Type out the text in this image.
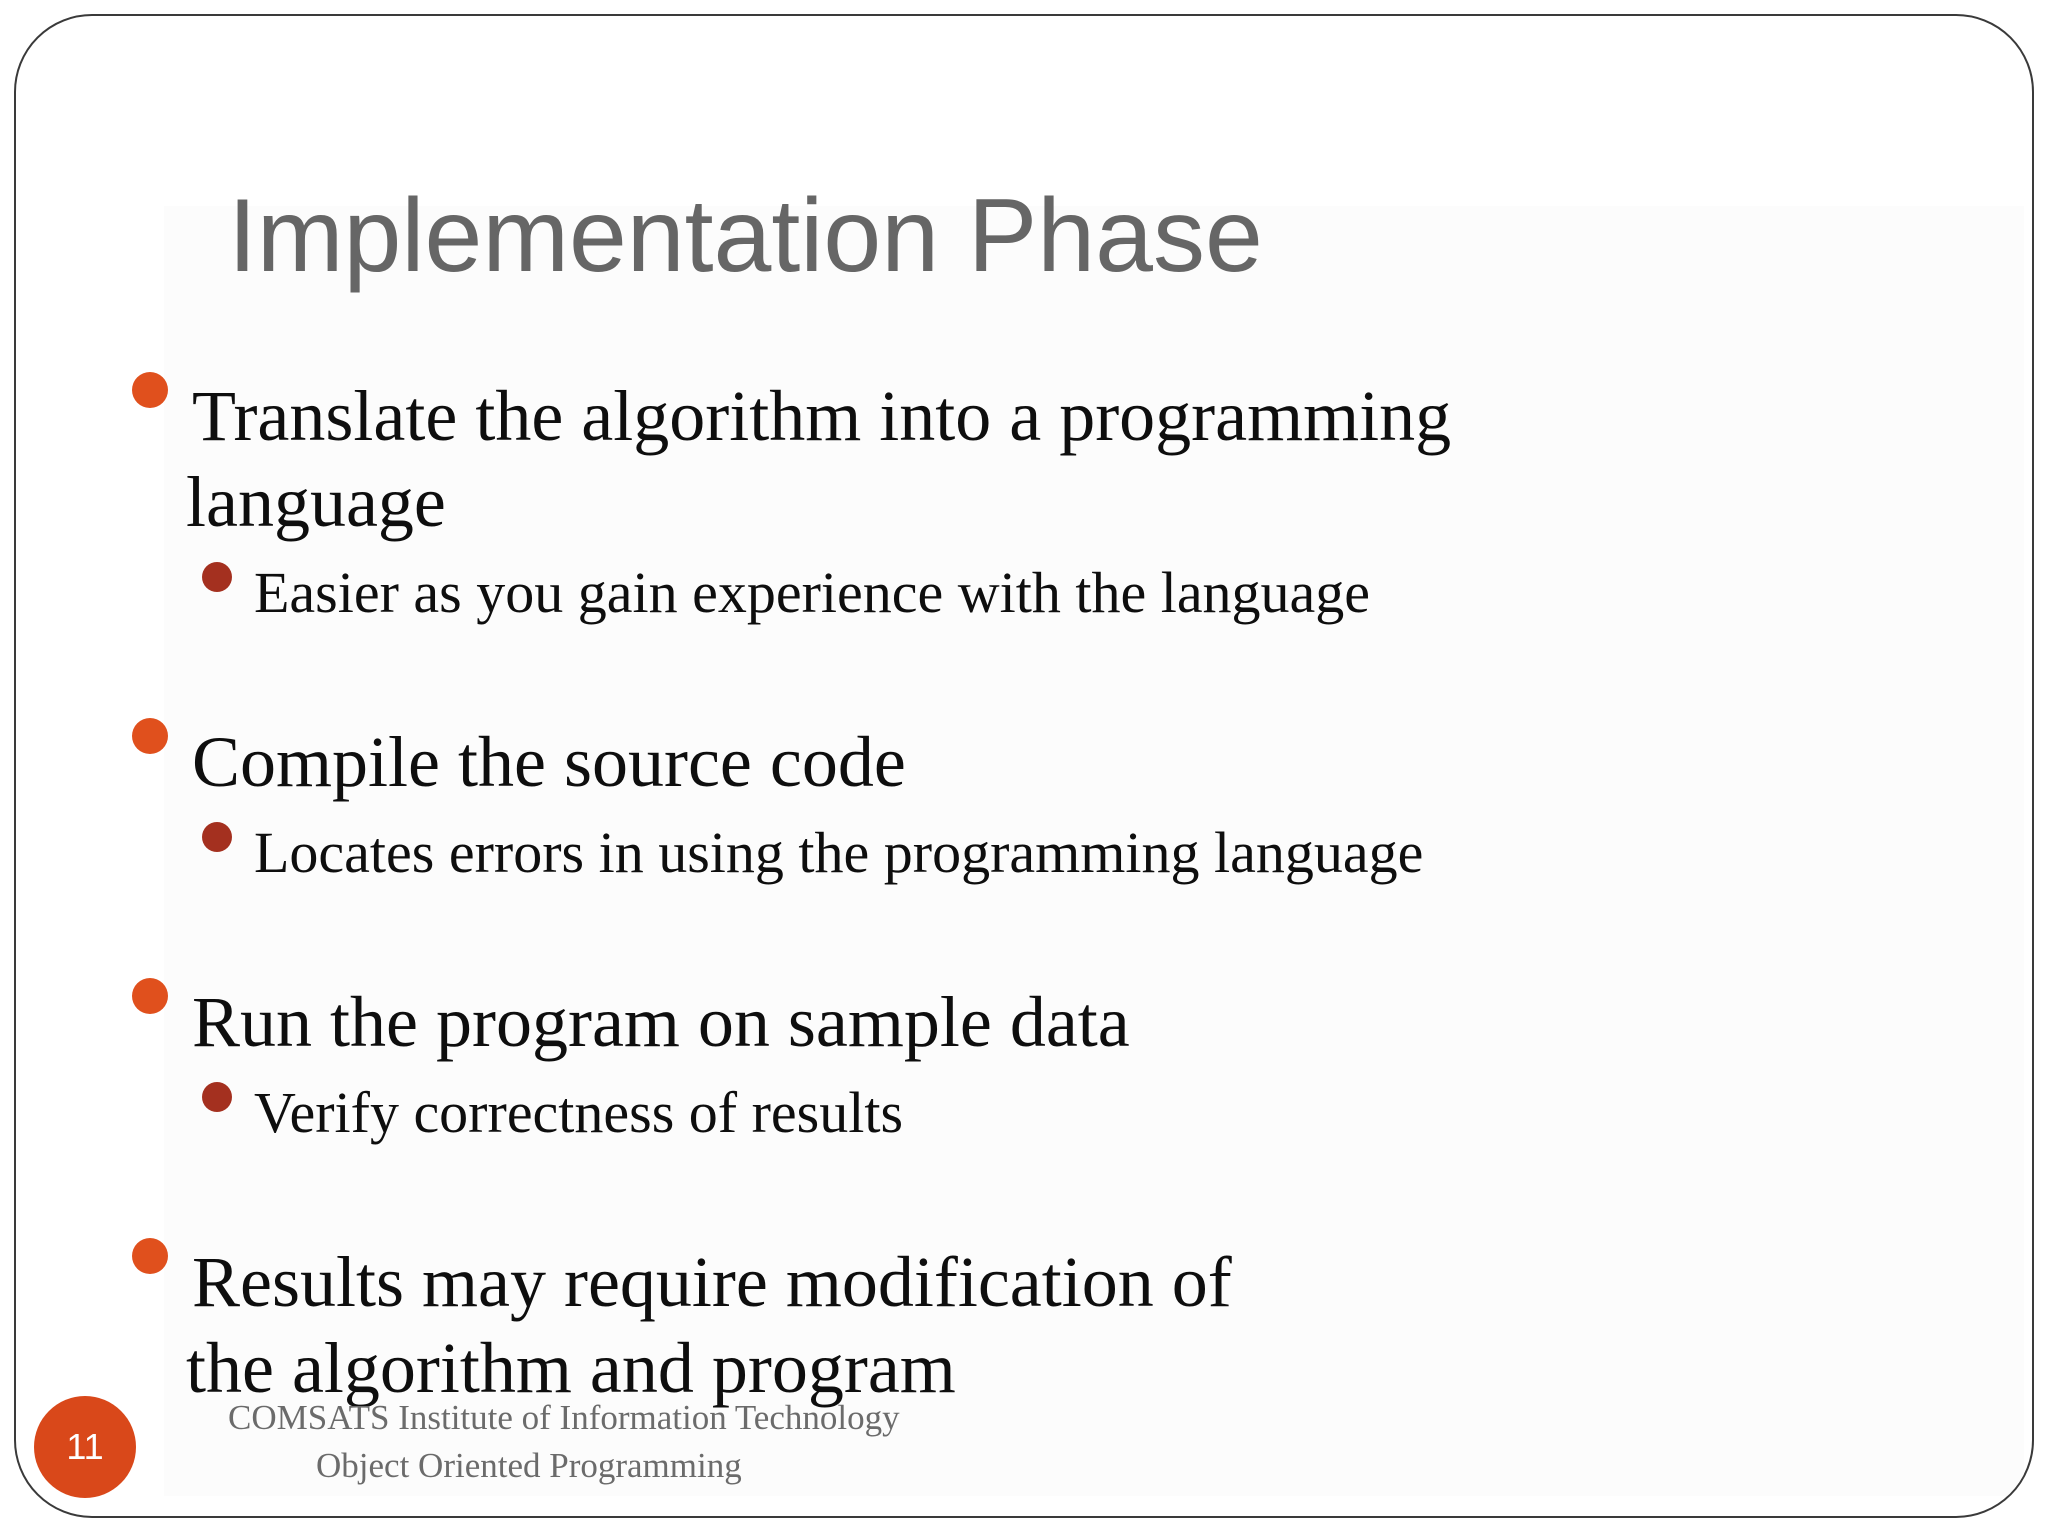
Implementation Phase
Translate the algorithm into a programming
language
Easier as you gain experience with the language
Compile the source code
Locates errors in using the programming language
Run the program on sample data
Verify correctness of results
Results may require modification of
the algorithm and program
COMSATS Institute of Information Technology
Object Oriented Programming
11
